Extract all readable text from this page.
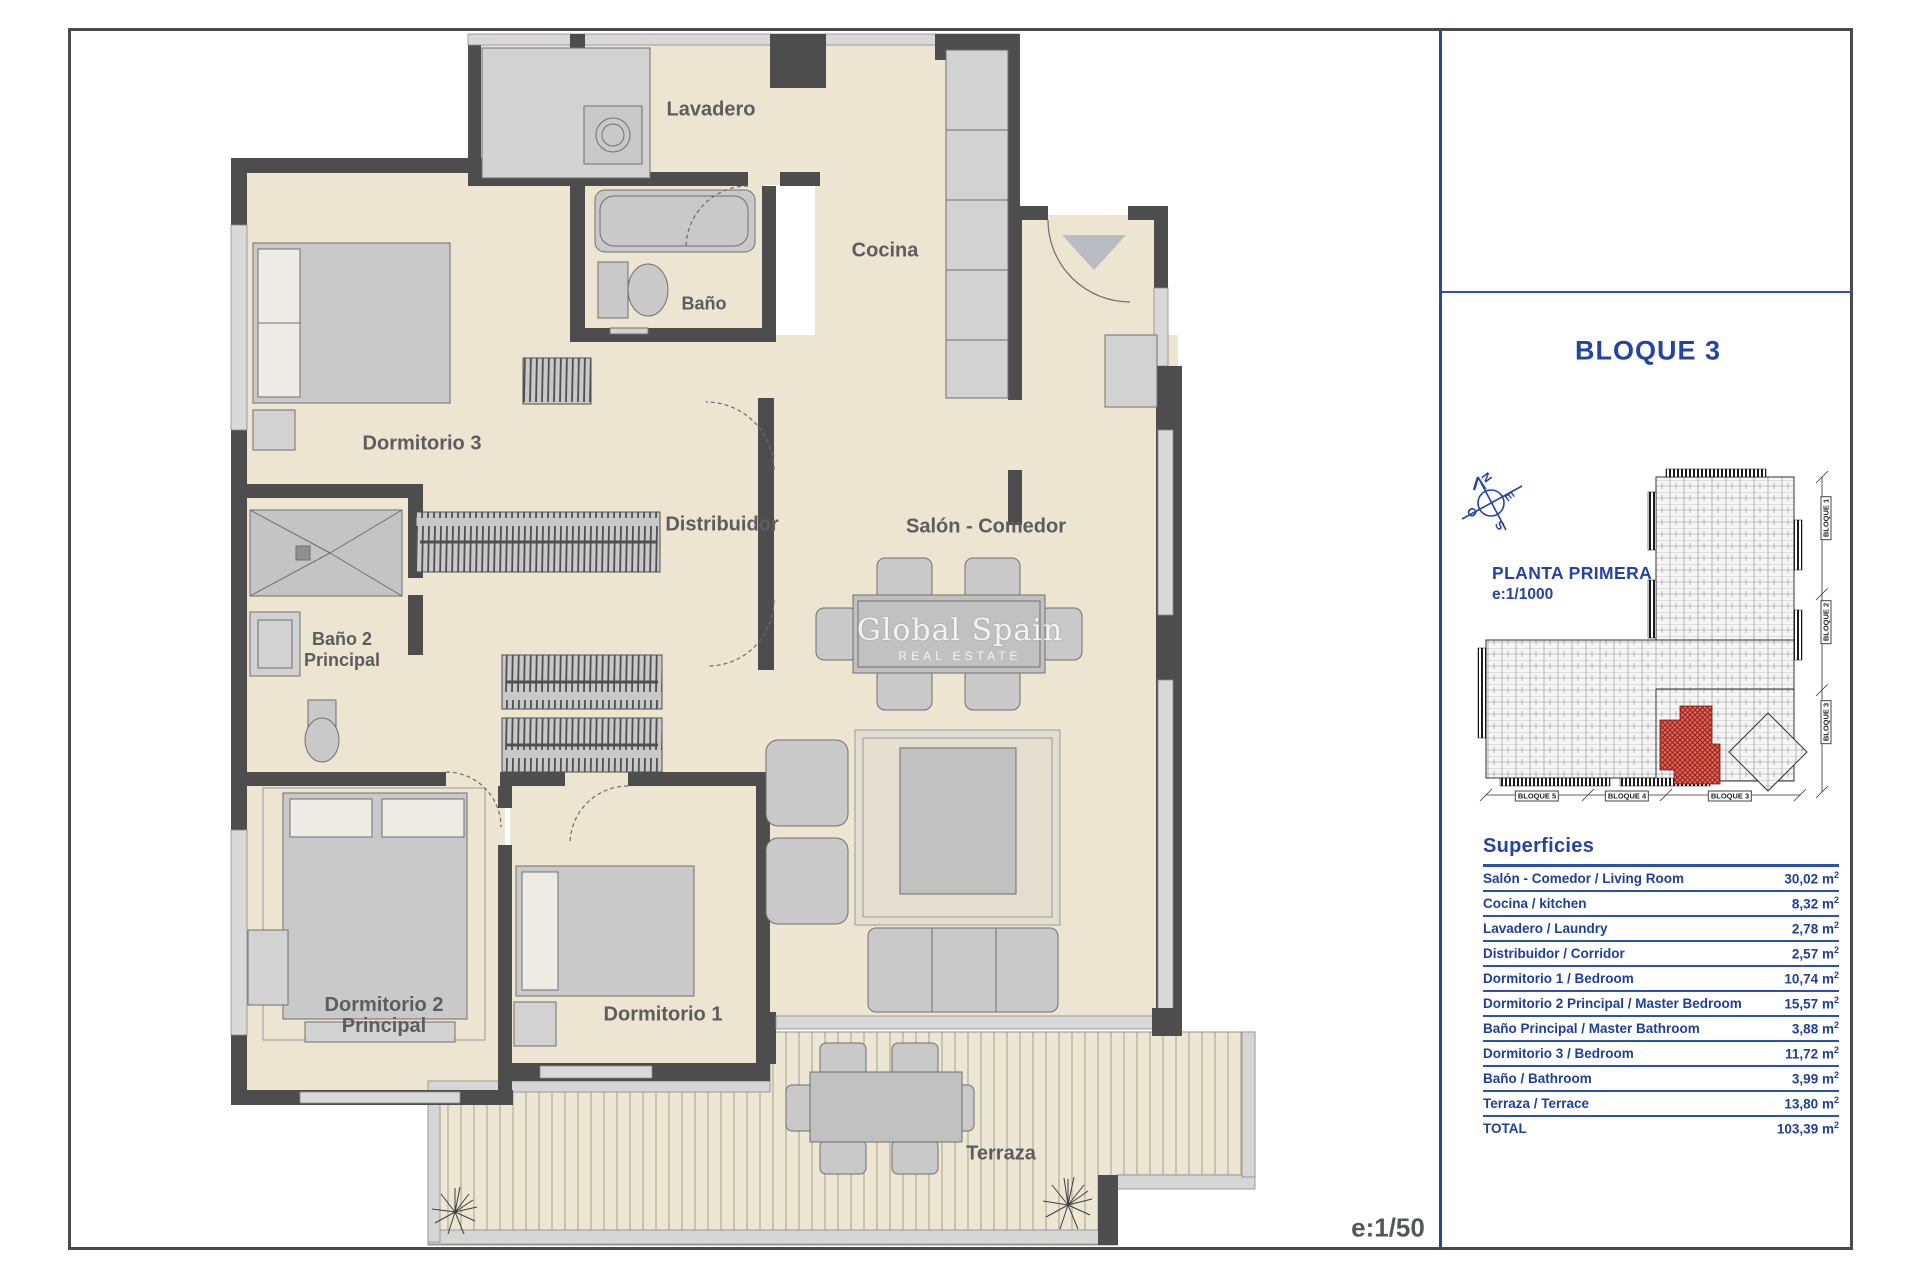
N
E
O
S
Lavadero
Cocina
Baño
Dormitorio 3
Distribuidor	Salón - Comedor
Baño 2
Principal
Dormitorio 2
Principal
Dormitorio 1
Terraza
e:1/50
Global Spain
REAL ESTATE
BLOQUE 3
PLANTA PRIMERA
e:1/1000
BLOQUE 1
BLOQUE 2
BLOQUE 3
BLOQUE 5	BLOQUE 4	BLOQUE 3
Superficies
Salón - Comedor / Living Room	30,02 $m^2$
Cocina / kitchen	8,32 $m^2$
Lavadero / Laundry	2,78 $m^2$
Distribuidor / Corridor	2,57 $m^2$
Dormitorio 1 / Bedroom	10,74 $m^2$
Dormitorio 2 Principal / Master Bedroom	15,57 $m^2$
Baño Principal / Master Bathroom	3,88 $m^2$
Dormitorio 3 / Bedroom	11,72 $m^2$
Baño / Bathroom	3,99 $m^2$
Terraza / Terrace	13,80 $m^2$
TOTAL	103,39 $m^2$
